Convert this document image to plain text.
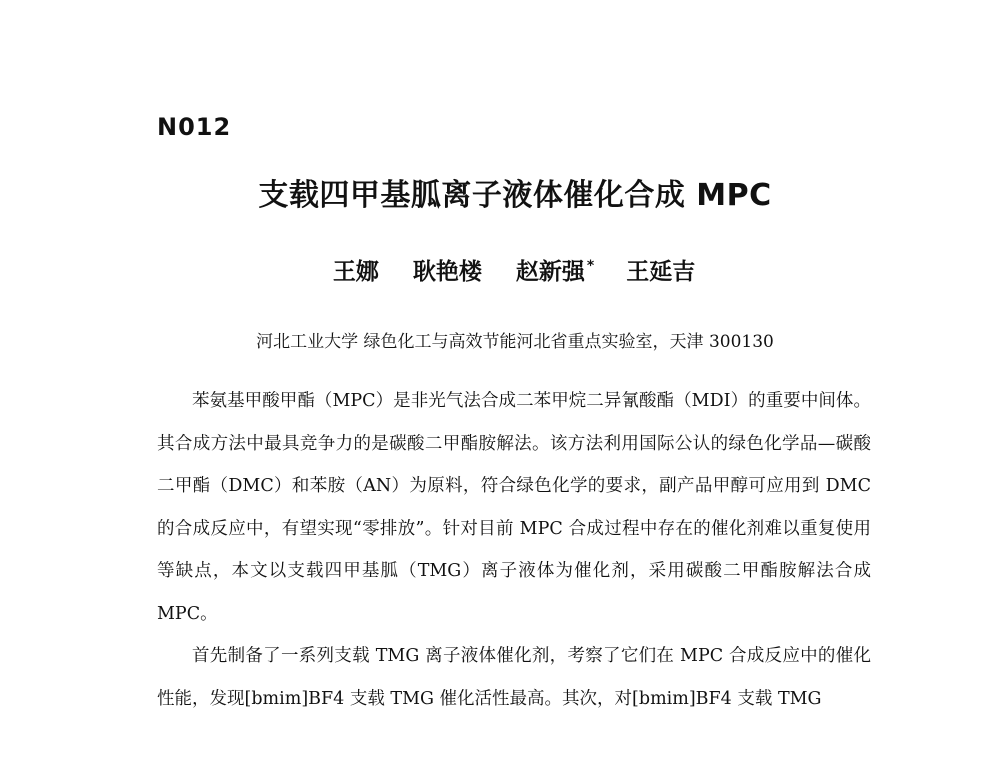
N012
支载四甲基胍离子液体催化合成 MPC
王娜 耿艳楼 赵新强 * 王延吉
河北工业大学 绿色化工与高效节能河北省重点实验室，天津 300130

苯氨基甲酸甲酯（MPC）是非光气法合成二苯甲烷二异氰酸酯（MDI）的重要中间体。其合成方法中最具竞争力的是碳酸二甲酯胺解法。该方法利用国际公认的绿色化学品—碳酸二甲酯（DMC）和苯胺（AN）为原料，符合绿色化学的要求，副产品甲醇可应用到 DMC 的合成反应中，有望实现“零排放”。针对目前 MPC 合成过程中存在的催化剂难以重复使用等缺点，本文以支载四甲基胍（TMG）离子液体为催化剂，采用碳酸二甲酯胺解法合成 MPC。

首先制备了一系列支载 TMG 离子液体催化剂，考察了它们在 MPC 合成反应中的催化性能，发现[bmim]BF4 支载 TMG 催化活性最高。其次，对[bmim]BF4 支载 TMG
